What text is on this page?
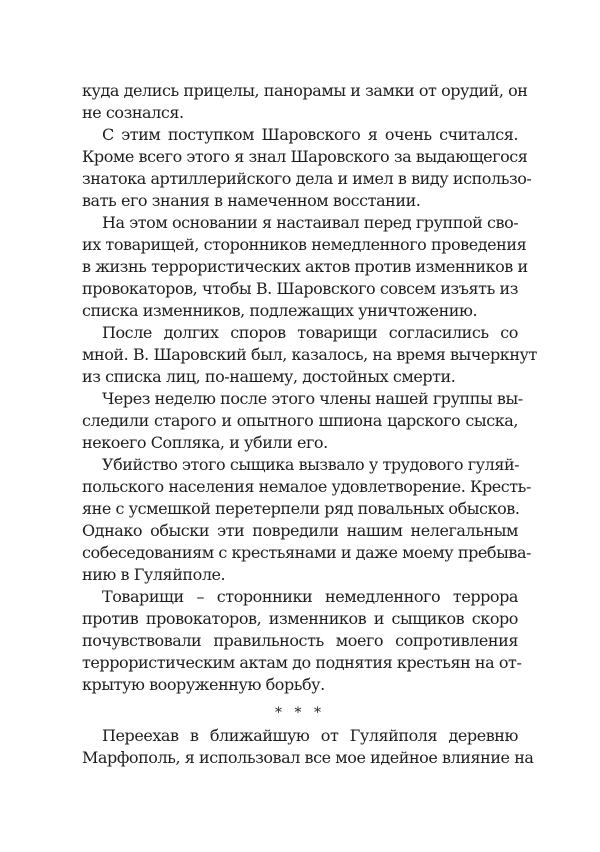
куда делись прицелы, панорамы и замки от орудий, он
не сознался.
С этим поступком Шаровского я очень считался.
Кроме всего этого я знал Шаровского за выдающегося
знатока артиллерийского дела и имел в виду использо-
вать его знания в намеченном восстании.
На этом основании я настаивал перед группой сво-
их товарищей, сторонников немедленного проведения
в жизнь террористических актов против изменников и
провокаторов, чтобы В. Шаровского совсем изъять из
списка изменников, подлежащих уничтожению.
После долгих споров товарищи согласились со
мной. В. Шаровский был, казалось, на время вычеркнут
из списка лиц, по-нашему, достойных смерти.
Через неделю после этого члены нашей группы вы-
следили старого и опытного шпиона царского сыска,
некоего Сопляка, и убили его.
Убийство этого сыщика вызвало у трудового гуляй-
польского населения немалое удовлетворение. Кресть-
яне с усмешкой перетерпели ряд повальных обысков.
Однако обыски эти повредили нашим нелегальным
собеседованиям с крестьянами и даже моему пребыва-
нию в Гуляйполе.
Товарищи – сторонники немедленного террора
против провокаторов, изменников и сыщиков скоро
почувствовали правильность моего сопротивления
террористическим актам до поднятия крестьян на от-
крытую вооруженную борьбу.
* * *
Переехав в ближайшую от Гуляйполя деревню
Марфополь, я использовал все мое идейное влияние на
